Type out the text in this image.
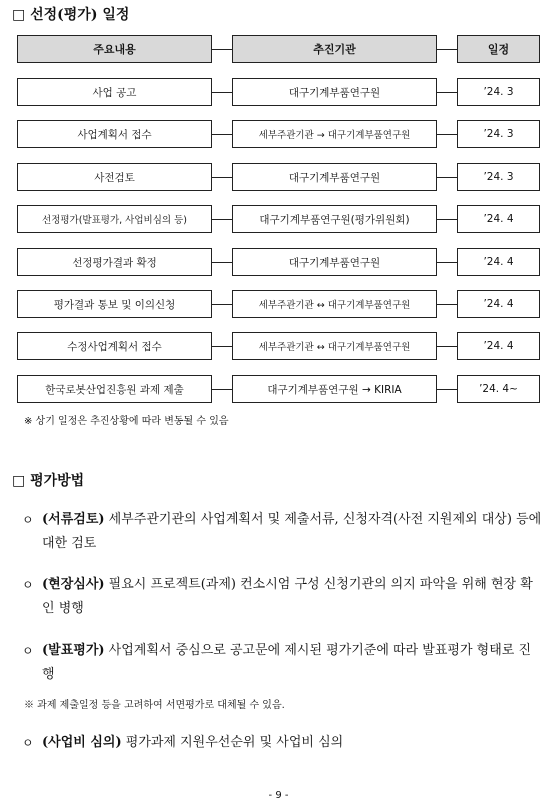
□ 선정(평가) 일정
주요내용	추진기관	일정
사업 공고	대구기계부품연구원	’24. 3
사업계획서 접수	세부주관기관 → 대구기계부품연구원	’24. 3
사전검토	대구기계부품연구원	’24. 3
선정평가(발표평가, 사업비심의 등)	대구기계부품연구원(평가위원회)	’24. 4
선정평가결과 확정	대구기계부품연구원	’24. 4
평가결과 통보 및 이의신청	세부주관기관 ↔ 대구기계부품연구원	’24. 4
수정사업계획서 접수	세부주관기관 ↔ 대구기계부품연구원	’24. 4
한국로봇산업진흥원 과제 제출	대구기계부품연구원 → KIRIA	’24. 4~
※ 상기 일정은 추진상황에 따라 변동될 수 있음
□ 평가방법
ㅇ (서류검토) 세부주관기관의 사업계획서 및 제출서류, 신청자격(사전 지원제외 대상) 등에 대한 검토
ㅇ (현장심사) 필요시 프로젝트(과제) 컨소시엄 구성 신청기관의 의지 파악을 위해 현장 확인 병행
ㅇ (발표평가) 사업계획서 중심으로 공고문에 제시된 평가기준에 따라 발표평가 형태로 진행
※ 과제 제출일정 등을 고려하여 서면평가로 대체될 수 있음.
ㅇ (사업비 심의) 평가과제 지원우선순위 및 사업비 심의
- 9 -
